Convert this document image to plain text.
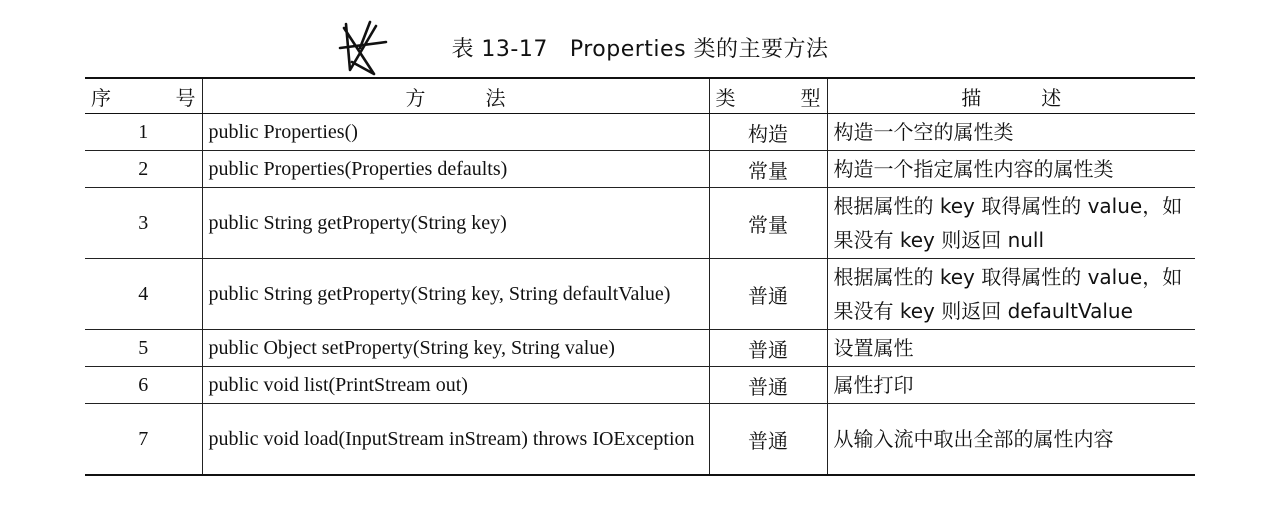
表 13-17 Properties 类的主要方法
序号	方法	类型	描述
1	public Properties()	构造	构造一个空的属性类
2	public Properties(Properties defaults)	常量	构造一个指定属性内容的属性类
3	public String getProperty(String key)	常量	根据属性的 key 取得属性的 value，如果没有 key 则返回 null
4	public String getProperty(String key, String defaultValue)	普通	根据属性的 key 取得属性的 value，如果没有 key 则返回 defaultValue
5	public Object setProperty(String key, String value)	普通	设置属性
6	public void list(PrintStream out)	普通	属性打印
7	public void load(InputStream inStream) throws IOException	普通	从输入流中取出全部的属性内容
